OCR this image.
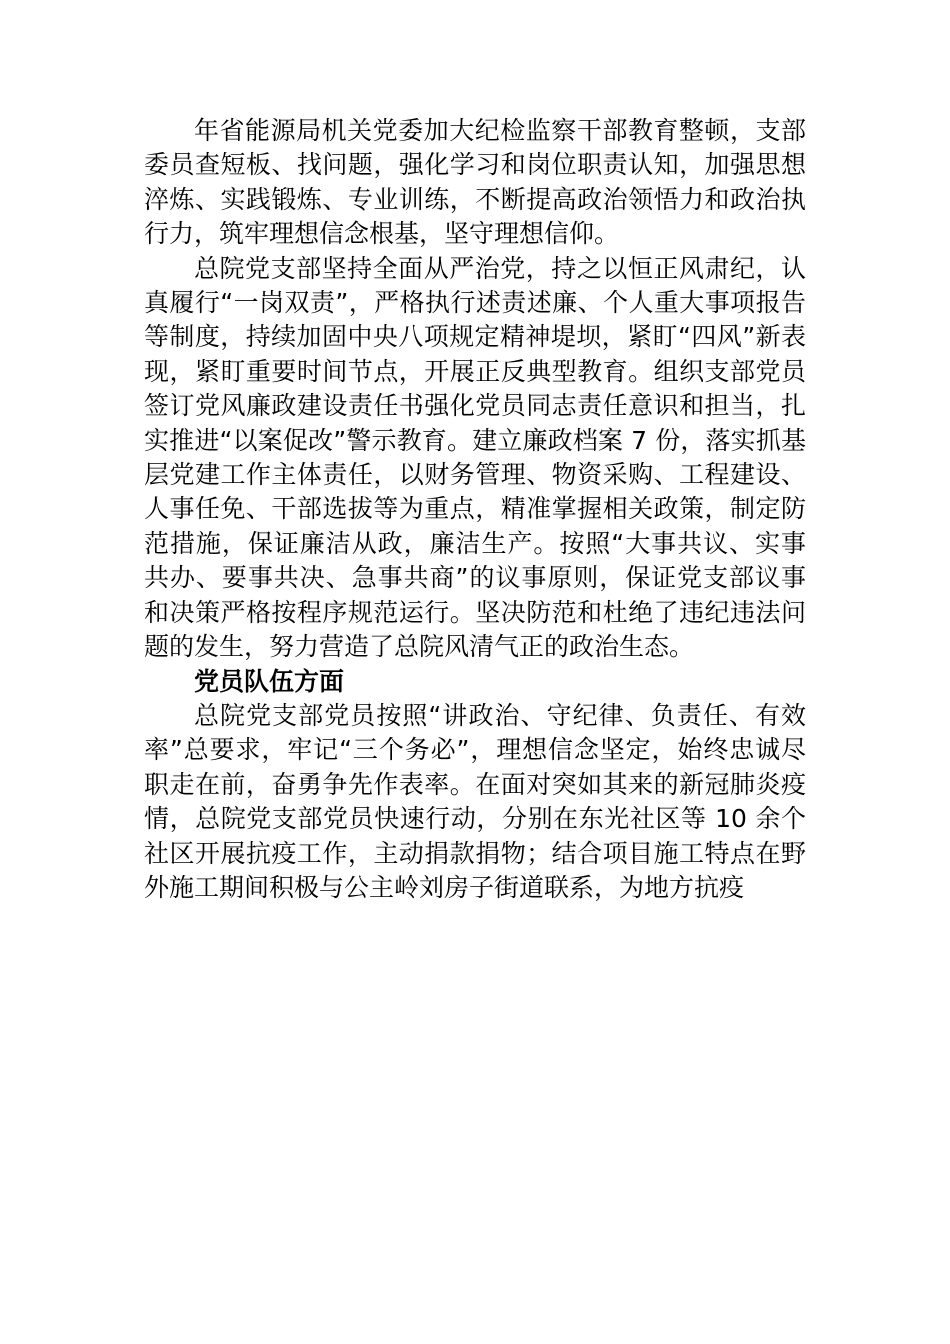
年省能源局机关党委加大纪检监察干部教育整顿，支部委员查短板、找问题，强化学习和岗位职责认知，加强思想淬炼、实践锻炼、专业训练，不断提高政治领悟力和政治执行力，筑牢理想信念根基，坚守理想信仰。

总院党支部坚持全面从严治党，持之以恒正风肃纪，认真履行“一岗双责”，严格执行述责述廉、个人重大事项报告等制度，持续加固中央八项规定精神堤坝，紧盯“四风”新表现，紧盯重要时间节点，开展正反典型教育。组织支部党员签订党风廉政建设责任书强化党员同志责任意识和担当，扎实推进“以案促改”警示教育。建立廉政档案 7 份，落实抓基层党建工作主体责任，以财务管理、物资采购、工程建设、人事任免、干部选拔等为重点，精准掌握相关政策，制定防范措施，保证廉洁从政，廉洁生产。按照“大事共议、实事共办、要事共决、急事共商”的议事原则，保证党支部议事和决策严格按程序规范运行。坚决防范和杜绝了违纪违法问题的发生，努力营造了总院风清气正的政治生态。

党员队伍方面

总院党支部党员按照“讲政治、守纪律、负责任、有效率”总要求，牢记“三个务必”，理想信念坚定，始终忠诚尽职走在前，奋勇争先作表率。在面对突如其来的新冠肺炎疫情，总院党支部党员快速行动，分别在东光社区等 10 余个社区开展抗疫工作，主动捐款捐物；结合项目施工特点在野外施工期间积极与公主岭刘房子街道联系，为地方抗疫
